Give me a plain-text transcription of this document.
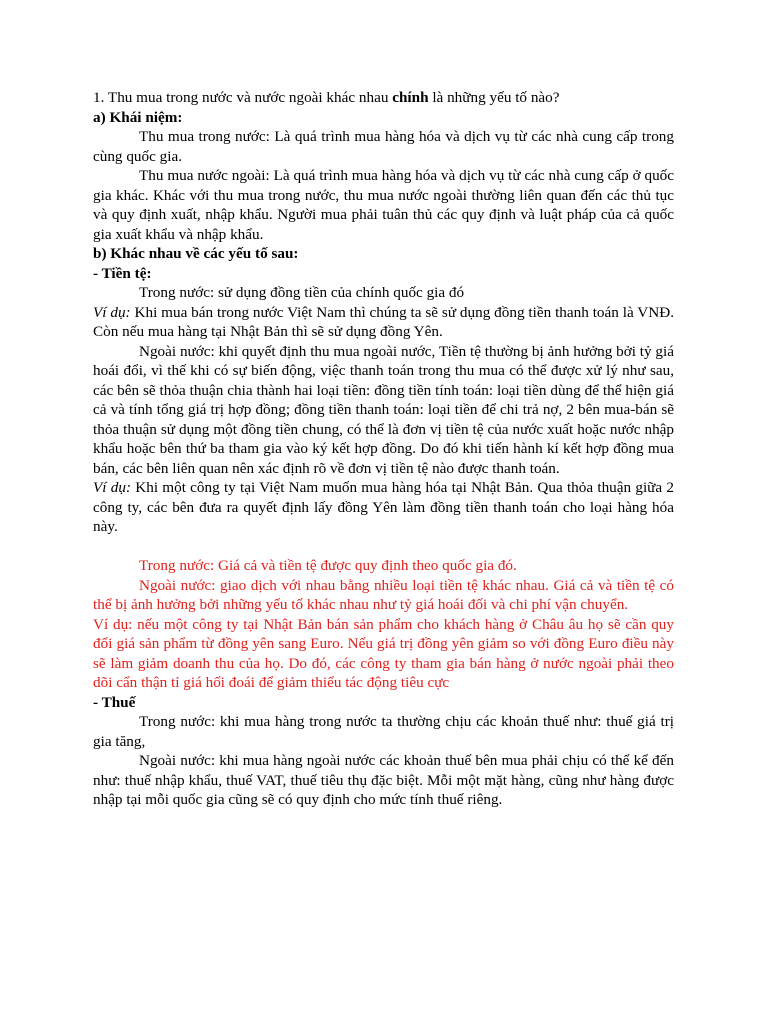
1. Thu mua trong nước và nước ngoài khác nhau chính là những yếu tố nào?

a) Khái niệm:

Thu mua trong nước: Là quá trình mua hàng hóa và dịch vụ từ các nhà cung cấp trong cùng quốc gia.

Thu mua nước ngoài: Là quá trình mua hàng hóa và dịch vụ từ các nhà cung cấp ở quốc gia khác. Khác với thu mua trong nước, thu mua nước ngoài thường liên quan đến các thủ tục và quy định xuất, nhập khẩu. Người mua phải tuân thủ các quy định và luật pháp của cả quốc gia xuất khẩu và nhập khẩu.

b) Khác nhau về các yếu tố sau:

- Tiền tệ:

Trong nước: sử dụng đồng tiền của chính quốc gia đó

Ví dụ: Khi mua bán trong nước Việt Nam thì chúng ta sẽ sử dụng đồng tiền thanh toán là VNĐ. Còn nếu mua hàng tại Nhật Bản thì sẽ sử dụng đồng Yên.

Ngoài nước: khi quyết định thu mua ngoài nước, Tiền tệ thường bị ảnh hưởng bởi tỷ giá hoái đổi, vì thế khi có sự biến động, việc thanh toán trong thu mua có thể được xử lý như sau, các bên sẽ thỏa thuận chia thành hai loại tiền: đồng tiền tính toán: loại tiền dùng để thể hiện giá cả và tính tổng giá trị hợp đồng; đồng tiền thanh toán: loại tiền để chi trả nợ, 2 bên mua-bán sẽ thỏa thuận sử dụng một đồng tiền chung, có thể là đơn vị tiền tệ của nước xuất hoặc nước nhập khẩu hoặc bên thứ ba tham gia vào ký kết hợp đồng. Do đó khi tiến hành kí kết hợp đồng mua bán, các bên liên quan nên xác định rõ về đơn vị tiền tệ nào được thanh toán.

Ví dụ: Khi một công ty tại Việt Nam muốn mua hàng hóa tại Nhật Bản. Qua thỏa thuận giữa 2 công ty, các bên đưa ra quyết định lấy đồng Yên làm đồng tiền thanh toán cho loại hàng hóa này.

Trong nước: Giá cả và tiền tệ được quy định theo quốc gia đó.

Ngoài nước: giao dịch với nhau bằng nhiều loại tiền tệ khác nhau. Giá cả và tiền tệ có thể bị ảnh hưởng bởi những yếu tố khác nhau như tỷ giá hoái đối và chi phí vận chuyển.

Ví dụ: nếu một công ty tại Nhật Bản bán sản phẩm cho khách hàng ở Châu âu họ sẽ cần quy đổi giá sản phẩm từ đồng yên sang Euro. Nếu giá trị đồng yên giảm so với đồng Euro điều này sẽ làm giảm doanh thu của họ. Do đó, các công ty tham gia bán hàng ở nước ngoài phải theo dõi cẩn thận tỉ giá hối đoái để giảm thiểu tác động tiêu cực

- Thuế

Trong nước: khi mua hàng trong nước ta thường chịu các khoản thuế như: thuế giá trị gia tăng,

Ngoài nước: khi mua hàng ngoài nước các khoản thuế bên mua phải chịu có thể kể đến như: thuế nhập khẩu, thuế VAT, thuế tiêu thụ đặc biệt. Mỗi một mặt hàng, cũng như hàng được nhập tại mỗi quốc gia cũng sẽ có quy định cho mức tính thuế riêng.
